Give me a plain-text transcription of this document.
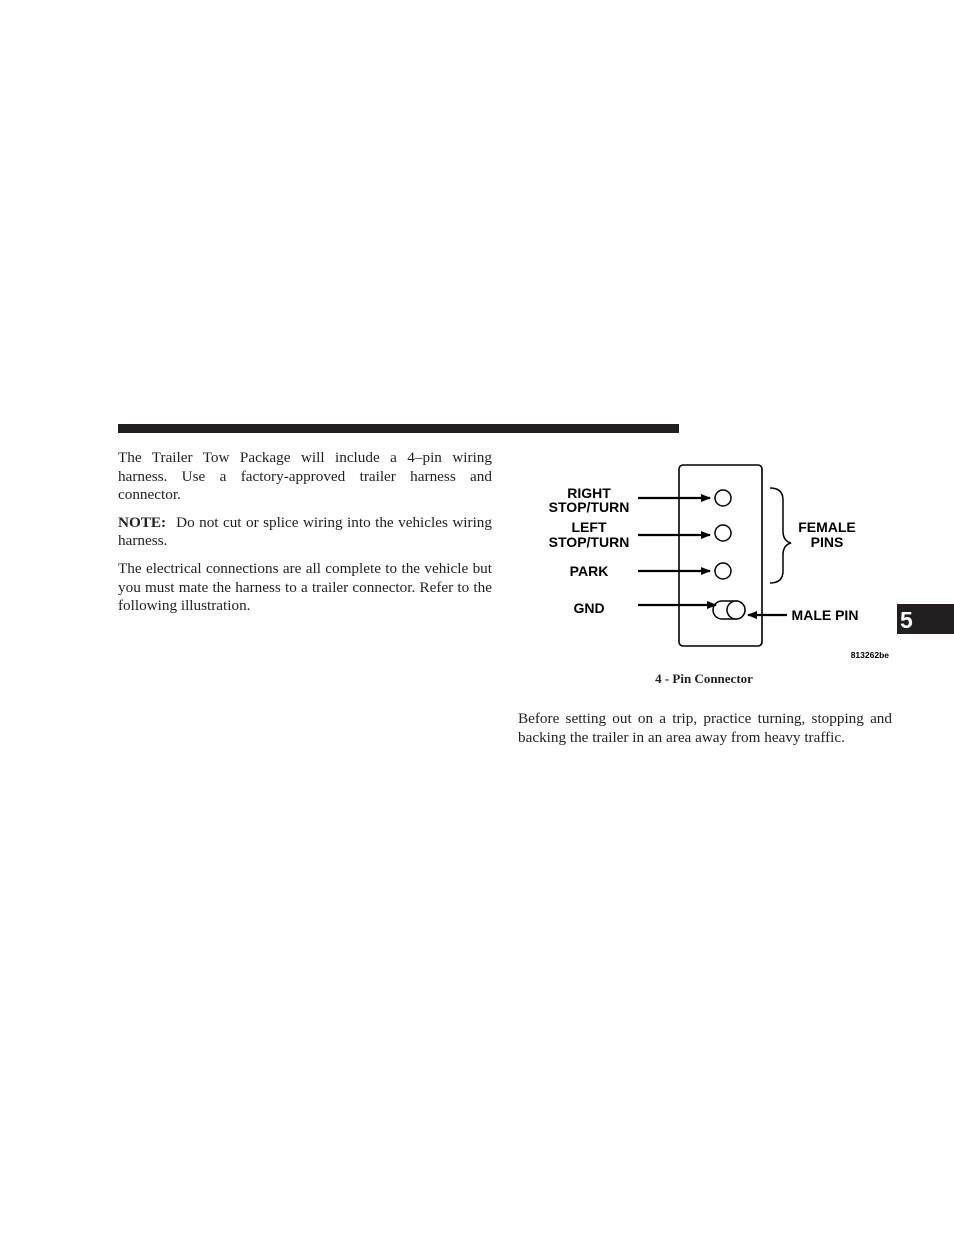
The Trailer Tow Package will include a 4–pin wiring harness. Use a factory-approved trailer harness and connector.

NOTE: Do not cut or splice wiring into the vehicles wiring harness.

The electrical connections are all complete to the vehicle but you must mate the harness to a trailer connector. Refer to the following illustration.

RIGHT
STOP/TURN
LEFT
STOP/TURN
PARK
GND
FEMALE
PINS
MALE PIN
813262be
4 - Pin Connector

Before setting out on a trip, practice turning, stopping and backing the trailer in an area away from heavy traffic.

5
